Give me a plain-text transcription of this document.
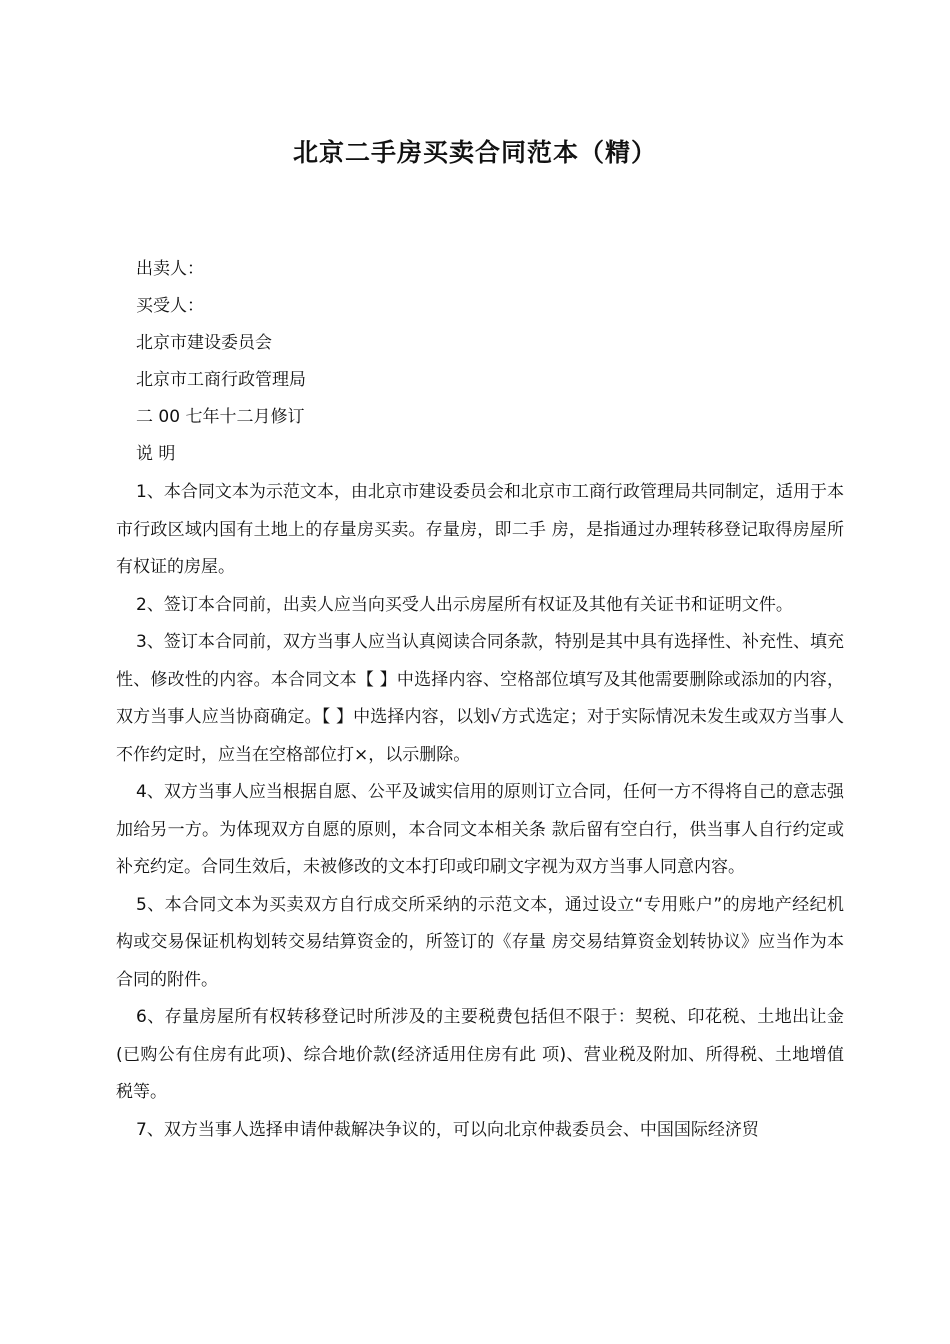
北京二手房买卖合同范本（精）
出卖人：
买受人：
北京市建设委员会
北京市工商行政管理局
二 00 七年十二月修订
说 明

1、本合同文本为示范文本，由北京市建设委员会和北京市工商行政管理局共同制定，适用于本市行政区域内国有土地上的存量房买卖。存量房，即二手 房，是指通过办理转移登记取得房屋所有权证的房屋。

2、签订本合同前，出卖人应当向买受人出示房屋所有权证及其他有关证书和证明文件。

3、签订本合同前，双方当事人应当认真阅读合同条款，特别是其中具有选择性、补充性、填充性、修改性的内容。本合同文本【 】中选择内容、空格部位填写及其他需要删除或添加的内容，双方当事人应当协商确定。【 】中选择内容，以划√方式选定；对于实际情况未发生或双方当事人不作约定时，应当在空格部位打×，以示删除。

4、双方当事人应当根据自愿、公平及诚实信用的原则订立合同，任何一方不得将自己的意志强加给另一方。为体现双方自愿的原则，本合同文本相关条 款后留有空白行，供当事人自行约定或补充约定。合同生效后，未被修改的文本打印或印刷文字视为双方当事人同意内容。

5、本合同文本为买卖双方自行成交所采纳的示范文本，通过设立“专用账户”的房地产经纪机构或交易保证机构划转交易结算资金的，所签订的《存量 房交易结算资金划转协议》应当作为本合同的附件。

6、存量房屋所有权转移登记时所涉及的主要税费包括但不限于：契税、印花税、土地出让金(已购公有住房有此项)、综合地价款(经济适用住房有此 项)、营业税及附加、所得税、土地增值税等。

7、双方当事人选择申请仲裁解决争议的，可以向北京仲裁委员会、中国国际经济贸
